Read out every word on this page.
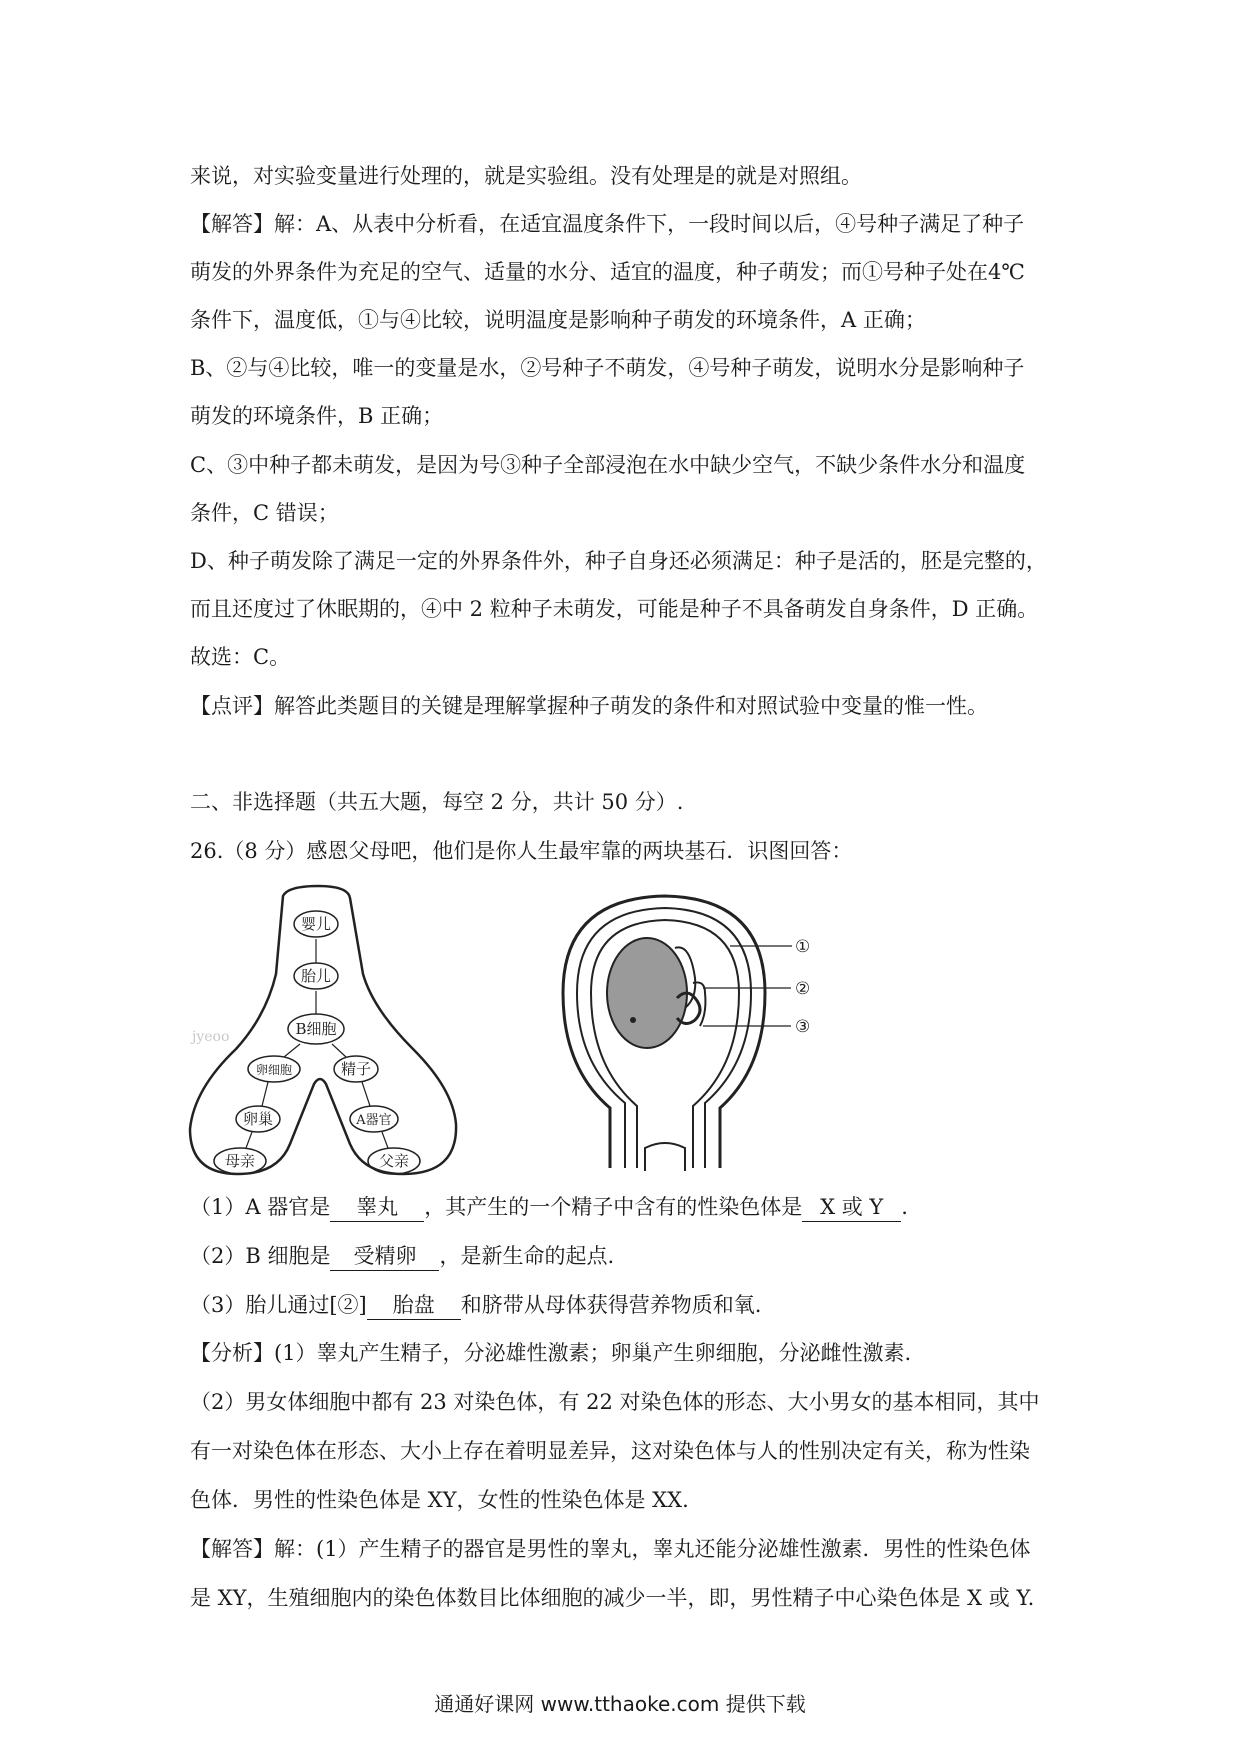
来说，对实验变量进行处理的，就是实验组。没有处理是的就是对照组。
【解答】解：A、从表中分析看，在适宜温度条件下，一段时间以后，④号种子满足了种子
萌发的外界条件为充足的空气、适量的水分、适宜的温度，种子萌发；而①号种子处在4℃
条件下，温度低，①与④比较，说明温度是影响种子萌发的环境条件，A 正确；
B、②与④比较，唯一的变量是水，②号种子不萌发，④号种子萌发，说明水分是影响种子
萌发的环境条件，B 正确；
C、③中种子都未萌发，是因为号③种子全部浸泡在水中缺少空气，不缺少条件水分和温度
条件，C 错误；
D、种子萌发除了满足一定的外界条件外，种子自身还必须满足：种子是活的，胚是完整的，
而且还度过了休眠期的，④中 2 粒种子未萌发，可能是种子不具备萌发自身条件，D 正确。
故选：C。
【点评】解答此类题目的关键是理解掌握种子萌发的条件和对照试验中变量的惟一性。
二、非选择题（共五大题，每空 2 分，共计 50 分）.
26.（8 分）感恩父母吧，他们是你人生最牢靠的两块基石．识图回答：
jyeoo
婴儿
胎儿
B细胞
卵细胞	精子
卵巢	A器官
母亲	父亲
①
②
③
（1）A 器官是 睾丸 ，其产生的一个精子中含有的性染色体是 X 或 Y .
（2）B 细胞是 受精卵 ，是新生命的起点.
（3）胎儿通过[②] 胎盘 和脐带从母体获得营养物质和氧.
【分析】(1）睾丸产生精子，分泌雄性激素；卵巢产生卵细胞，分泌雌性激素.
（2）男女体细胞中都有 23 对染色体，有 22 对染色体的形态、大小男女的基本相同，其中
有一对染色体在形态、大小上存在着明显差异，这对染色体与人的性别决定有关，称为性染
色体．男性的性染色体是 XY，女性的性染色体是 XX.
【解答】解：(1）产生精子的器官是男性的睾丸，睾丸还能分泌雄性激素．男性的性染色体
是 XY，生殖细胞内的染色体数目比体细胞的减少一半，即，男性精子中心染色体是 X 或 Y.
通通好课网 www.tthaoke.com 提供下载
